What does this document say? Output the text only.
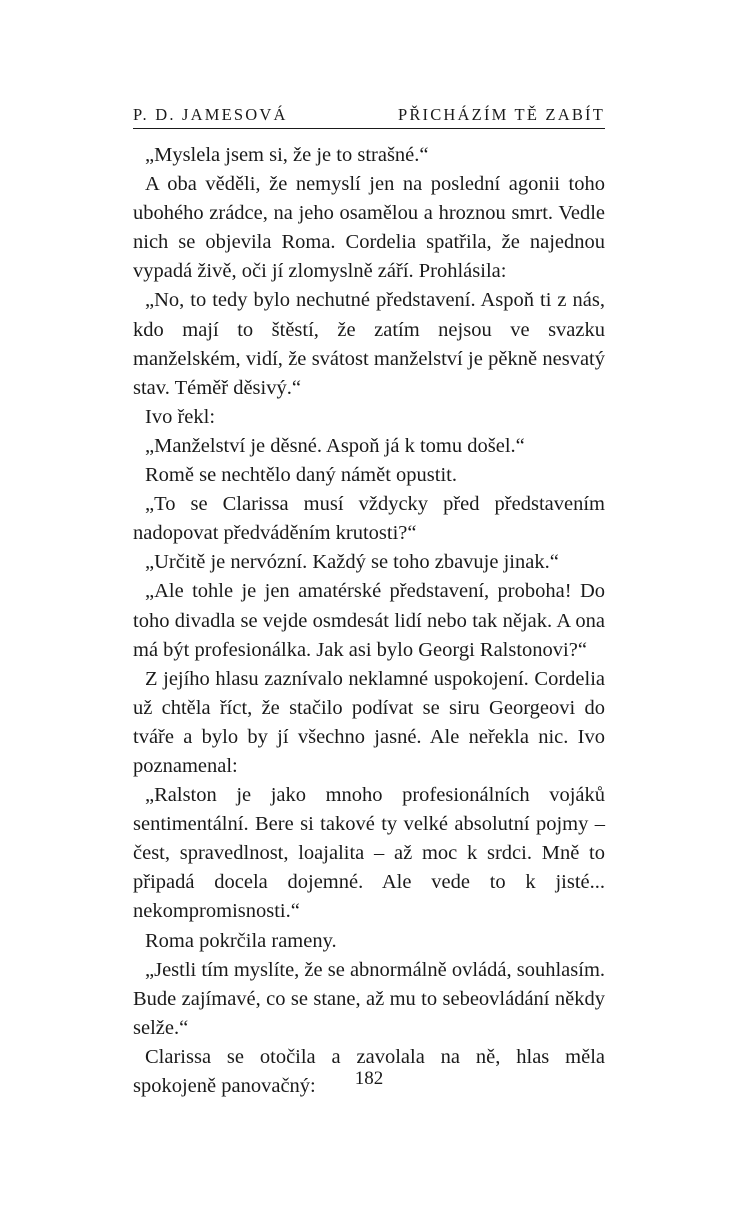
P. D. JAMESOVÁ	PŘICHÁZÍM TĚ ZABÍT

„Myslela jsem si, že je to strašné.“

A oba věděli, že nemyslí jen na poslední agonii toho ubohého zrádce, na jeho osamělou a hroznou smrt. Vedle nich se objevila Roma. Cordelia spatřila, že najednou vypadá živě, oči jí zlomyslně září. Prohlásila:

„No, to tedy bylo nechutné představení. Aspoň ti z nás, kdo mají to štěstí, že zatím nejsou ve svazku manželském, vidí, že svátost manželství je pěkně nesvatý stav. Téměř děsivý.“

Ivo řekl:

„Manželství je děsné. Aspoň já k tomu došel.“

Romě se nechtělo daný námět opustit.

„To se Clarissa musí vždycky před představením nadopovat předváděním krutosti?“

„Určitě je nervózní. Každý se toho zbavuje jinak.“

„Ale tohle je jen amatérské představení, proboha! Do toho divadla se vejde osmdesát lidí nebo tak nějak. A ona má být profesionálka. Jak asi bylo Georgi Ralstonovi?“

Z jejího hlasu zaznívalo neklamné uspokojení. Cordelia už chtěla říct, že stačilo podívat se siru Georgeovi do tváře a bylo by jí všechno jasné. Ale neřekla nic. Ivo poznamenal:

„Ralston je jako mnoho profesionálních vojáků sentimentální. Bere si takové ty velké absolutní pojmy – čest, spravedlnost, loajalita – až moc k srdci. Mně to připadá docela dojemné. Ale vede to k jisté... nekompromisnosti.“

Roma pokrčila rameny.

„Jestli tím myslíte, že se abnormálně ovládá, souhlasím. Bude zajímavé, co se stane, až mu to sebeovládání někdy selže.“

Clarissa se otočila a zavolala na ně, hlas měla spokojeně panovačný:	182
